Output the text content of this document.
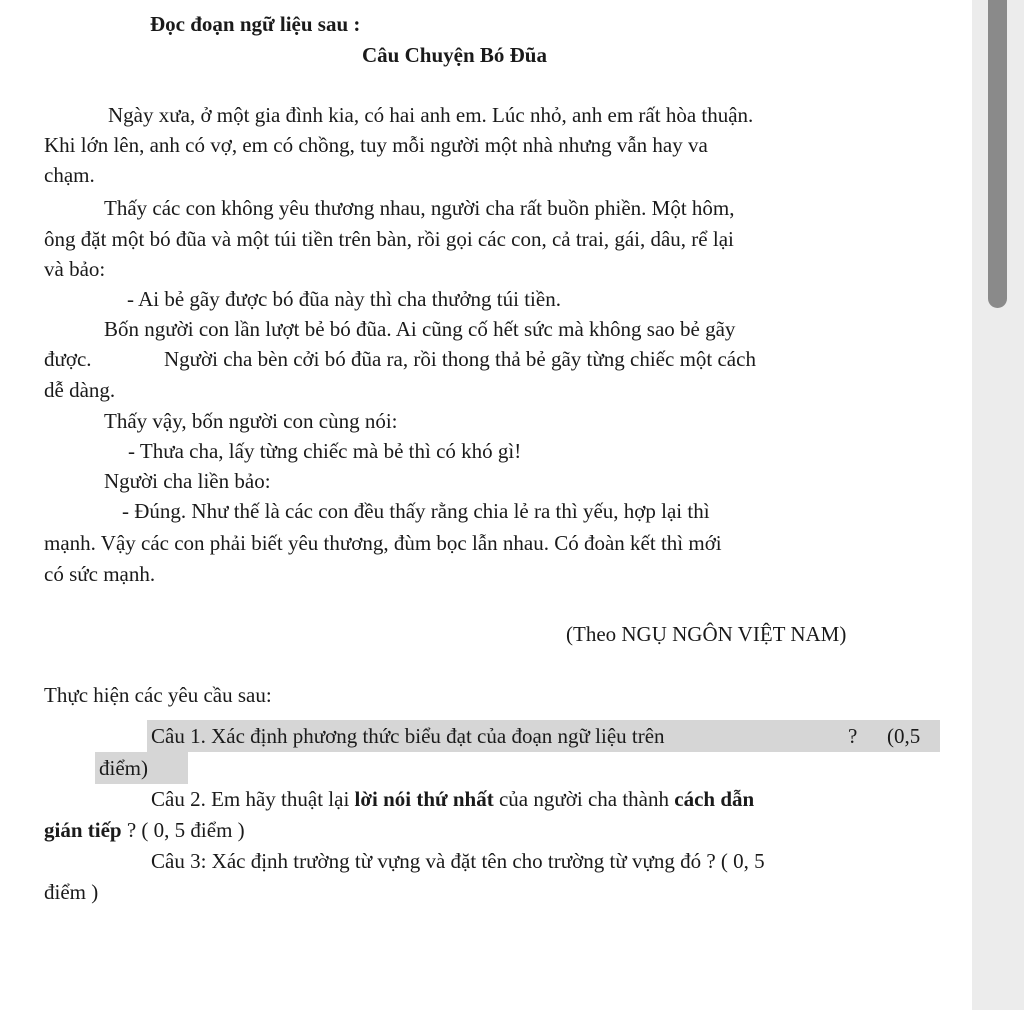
Đọc đoạn ngữ liệu sau :
Câu Chuyện Bó Đũa
Ngày xưa, ở một gia đình kia, có hai anh em. Lúc nhỏ, anh em rất hòa thuận.
Khi lớn lên, anh có vợ, em có chồng, tuy mỗi người một nhà nhưng vẫn hay va
chạm.
Thấy các con không yêu thương nhau, người cha rất buồn phiền. Một hôm,
ông đặt một bó đũa và một túi tiền trên bàn, rồi gọi các con, cả trai, gái, dâu, rể lại
và bảo:
- Ai bẻ gãy được bó đũa này thì cha thưởng túi tiền.
Bốn người con lần lượt bẻ bó đũa. Ai cũng cố hết sức mà không sao bẻ gãy
được.	Người cha bèn cởi bó đũa ra, rồi thong thả bẻ gãy từng chiếc một cách
dễ dàng.
Thấy vậy, bốn người con cùng nói:
- Thưa cha, lấy từng chiếc mà bẻ thì có khó gì!
Người cha liền bảo:
- Đúng. Như thế là các con đều thấy rằng chia lẻ ra thì yếu, hợp lại thì
mạnh. Vậy các con phải biết yêu thương, đùm bọc lẫn nhau. Có đoàn kết thì mới
có sức mạnh.
(Theo NGỤ NGÔN VIỆT NAM)
Thực hiện các yêu cầu sau:
Câu 1. Xác định phương thức biểu đạt của đoạn ngữ liệu trên	? (0,5
điểm)
Câu 2. Em hãy thuật lại lời nói thứ nhất của người cha thành cách dẫn
gián tiếp ? ( 0, 5 điểm )
Câu 3: Xác định trường từ vựng và đặt tên cho trường từ vựng đó ? ( 0, 5
điểm )
